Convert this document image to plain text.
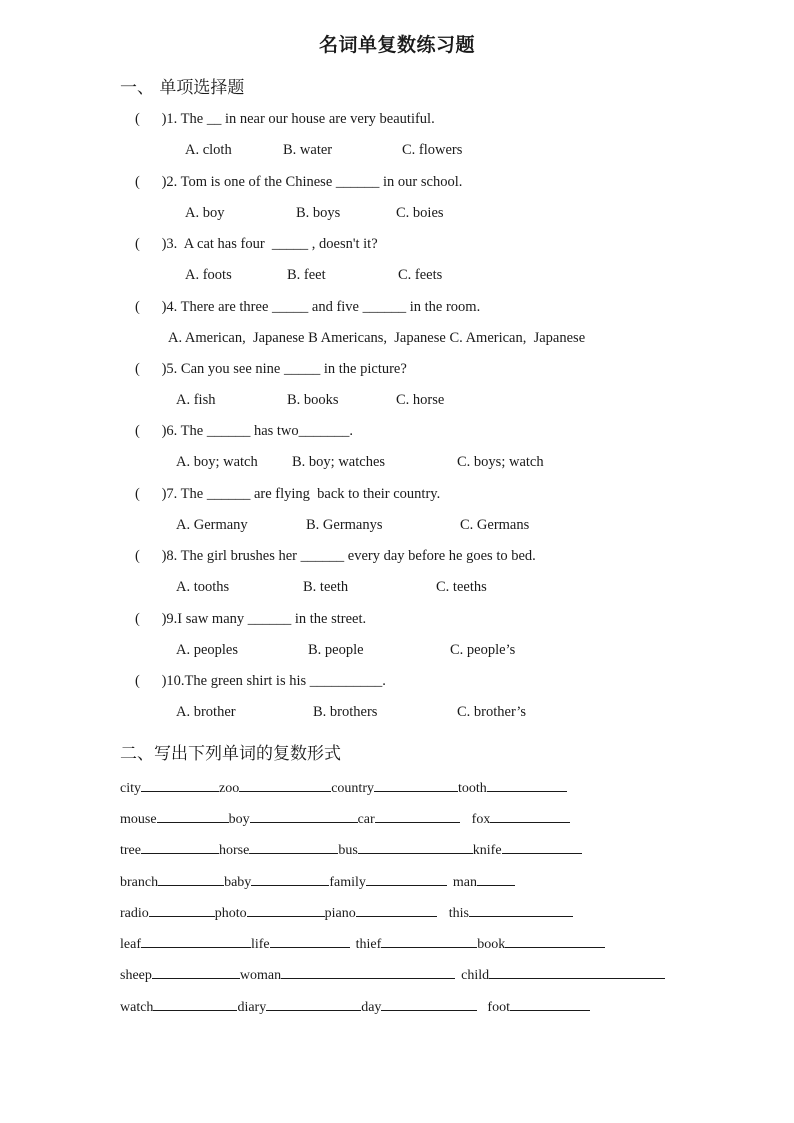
名词单复数练习题
一、 单项选择题
(      )1. The __ in near our house are very beautiful.
A. cloth	B. water	C. flowers
(      )2. Tom is one of the Chinese ______ in our school.
A. boy	B. boys	C. boies
(      )3.  A cat has four  _____ , doesn't it?
A. foots	B. feet	C. feets
(      )4. There are three _____ and five ______ in the room.
A. American,  Japanese B Americans,  Japanese C. American,  Japanese
(      )5. Can you see nine _____ in the picture?
A. fish	B. books	C. horse
(      )6. The ______ has two_______.
A. boy; watch B. boy; watches	C. boys; watch
(      )7. The ______ are flying  back to their country.
A. Germany	B. Germanys	C. Germans
(      )8. The girl brushes her ______ every day before he goes to bed.
A. tooths	B. teeth	C. teeths
(      )9.I saw many ______ in the street.
A. peoples	B. people	C. people’s
(      )10.The green shirt is his __________.
A. brother	B. brothers	C. brother’s
二、写出下列单词的复数形式
city	zoo	country	tooth
mouse	boy	car	fox
tree	horse	bus	knife
branch	baby	family	man
radio	photo	piano	this
leaf	life	thief	book
sheep	woman	child
watch	diary	day	foot
